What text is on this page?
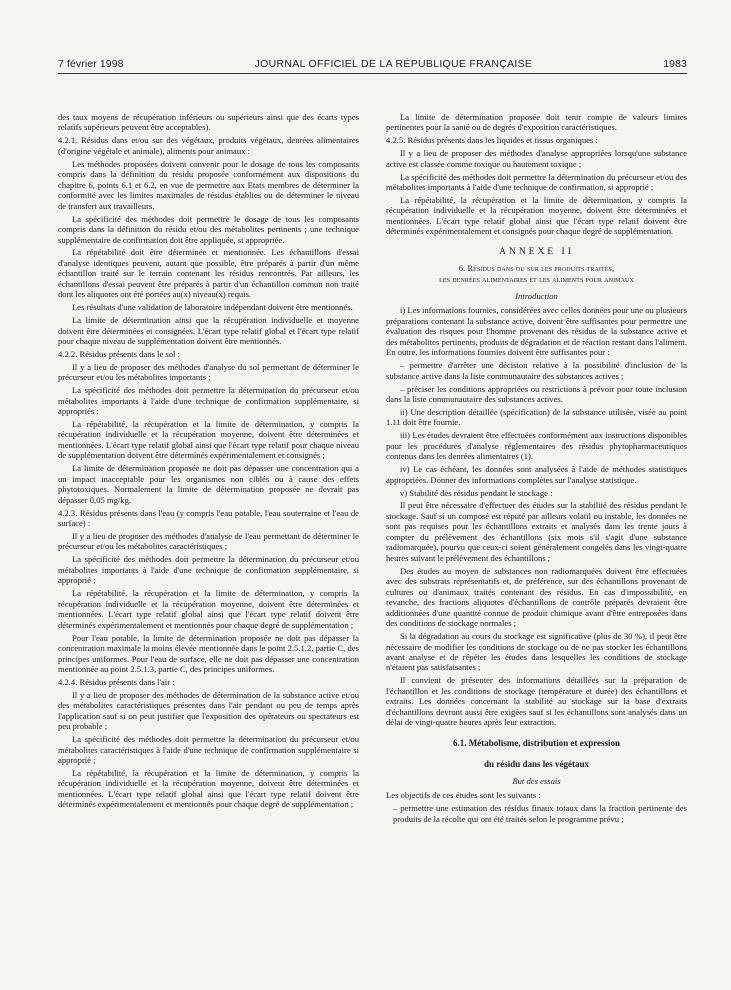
7 février 1998	JOURNAL OFFICIEL DE LA RÉPUBLIQUE FRANÇAISE	1983

des taux moyens de récupération inférieurs ou supérieurs ainsi que des écarts types relatifs supérieurs peuvent être acceptables).

4.2.1. Résidus dans et/ou sur des végétaux, produits végétaux, denrées alimentaires (d'origine végétale et animale), aliments pour animaux :

Les méthodes proposées doivent convenir pour le dosage de tous les composants compris dans la définition du résidu proposée conformément aux dispositions du chapitre 6, points 6.1 et 6.2, en vue de permettre aux Etats membres de déterminer la conformité avec les limites maximales de résidus établies ou de déterminer le niveau de transfert aux travailleurs.

La spécificité des méthodes doit permettre le dosage de tous les composants compris dans la définition du résidu et/ou des métabolites pertinents ; une technique supplémentaire de confirmation doit être appliquée, si appropriée.

La répétabilité doit être déterminée et mentionnée. Les échantillons d'essai d'analyse identiques peuvent, autant que possible, être préparés à partir d'un même échantillon traité sur le terrain contenant les résidus rencontrés. Par ailleurs, les échantillons d'essai peuvent être préparés à partir d'un échantillon commun non traité dont les aliquotes ont été portées au(x) niveau(x) requis.

Les résultats d'une validation de laboratoire indépendant doivent être mentionnés.

La limite de détermination ainsi que la récupération individuelle et moyenne doivent être déterminées et consignées. L'écart type relatif global et l'écart type relatif pour chaque niveau de supplémentation doivent être mentionnés.

4.2.2. Résidus présents dans le sol :

Il y a lieu de proposer des méthodes d'analyse du sol permettant de déterminer le précurseur et/ou les métabolites importants ;

La spécificité des méthodes doit permettre la détermination du précurseur et/ou métabolites importants à l'aide d'une technique de confirmation supplémentaire, si appropriés ;

La répétabilité, la récupération et la limite de détermination, y compris la récupération individuelle et la récupération moyenne, doivent être déterminées et mentionnées. L'écart type relatif global ainsi que l'écart type relatif pour chaque niveau de supplémentation doivent être déterminés expérimentalement et consignés ;

La limite de détermination proposée ne doit pas dépasser une concentration qui a un impact inacceptable pour les organismes non ciblés ou à cause des effets phytotoxiques. Normalement la limite de détermination proposée ne devrait pas dépasser 0,05 mg/kg.

4.2.3. Résidus présents dans l'eau (y compris l'eau potable, l'eau souterraine et l'eau de surface) :

Il y a lieu de proposer des méthodes d'analyse de l'eau permettant de déterminer le précurseur et/ou les métabolites caractéristiques ;

La spécificité des méthodes doit permettre la détermination du précurseur et/ou métabolites importants à l'aide d'une technique de confirmation supplémentaire, si approprié ;

La répétabilité, la récupération et la limite de détermination, y compris la récupération individuelle et la récupération moyenne, doivent être déterminées et mentionnées. L'écart type relatif global ainsi que l'écart type relatif doivent être déterminés expérimentalement et mentionnés pour chaque degré de supplémentation ;

Pour l'eau potable, la limite de détermination proposée ne doit pas dépasser la concentration maximale la moins élevée mentionnée dans le point 2.5.1.2, partie C, des principes uniformes. Pour l'eau de surface, elle ne doit pas dépasser une concentration mentionnée au point 2.5.1.3, partie C, des principes uniformes.

4.2.4. Résidus présents dans l'air :

Il y a lieu de proposer des méthodes de détermination de la substance active et/ou des métabolites caractéristiques présentes dans l'air pendant ou peu de temps après l'application sauf si on peut justifier que l'exposition des opérateurs ou spectateurs est peu probable ;

La spécificité des méthodes doit permettre la détermination du précurseur et/ou métabolites caractéristiques à l'aide d'une technique de confirmation supplémentaire si approprié ;

La répétabilité, la récupération et la limite de détermination, y compris la récupération individuelle et la récupération moyenne, doivent être déterminées et mentionnées. L'écart type relatif global ainsi que l'écart type relatif doivent être déterminés expérimentalement et mentionnés pour chaque degré de supplémentation ;

La limite de détermination proposée doit tenir compte de valeurs limites pertinentes pour la santé ou de degrés d'exposition caractéristiques.

4.2.5. Résidus présents dans les liquides et tissus organiques :

Il y a lieu de proposer des méthodes d'analyse appropriées lorsqu'une substance active est classée comme toxique ou hautement toxique ;

La spécificité des méthodes doit permettre la détermination du précurseur et/ou des métabolites importants à l'aide d'une technique de confirmation, si approprié ;

La répétabilité, la récupération et la limite de détermination, y compris la récupération individuelle et la récupération moyenne, doivent être déterminées et mentionnées. L'écart type relatif global ainsi que l'écart type relatif doivent être déterminés expérimentalement et consignés pour chaque degré de supplémentation.

ANNEXE II

6. Résidus dans ou sur les produits traités,

les denrées alimentaires et les aliments pour animaux

Introduction

i) Les informations fournies, considérées avec celles données pour une ou plusieurs préparations contenant la substance active, doivent être suffisantes pour permettre une évaluation des risques pour l'homme provenant des résidus de la substance active et des métabolites pertinents, produits de dégradation et de réaction restant dans l'aliment. En outre, les informations fournies doivent être suffisantes pour :

– permettre d'arrêter une décision relative à la possibilité d'inclusion de la substance active dans la liste communautaire des substances actives ;

– préciser les conditions appropriées ou restrictions à prévoir pour toute inclusion dans la liste communautaire des substances actives.

ii) Une description détaillée (spécification) de la substance utilisée, visée au point 1.11 doit être fournie.

iii) Les études devraient être effectuées conformément aux instructions disponibles pour les procédures d'analyse réglementaires des résidus phytopharmaceutiques contenus dans les denrées alimentaires (1).

iv) Le cas échéant, les données sont analysées à l'aide de méthodes statistiques appropriées. Donner des informations complètes sur l'analyse statistique.

v) Stabilité des résidus pendant le stockage :

Il peut être nécessaire d'effectuer des études sur la stabilité des résidus pendant le stockage. Sauf si un composé est réputé par ailleurs volatil ou instable, les données ne sont pas requises pour les échantillons extraits et analysés dans les trente jours à compter du prélèvement des échantillons (six mois s'il s'agit d'une substance radiomarquée), pourvu que ceux-ci soient généralement congelés dans les vingt-quatre heures suivant le prélèvement des échantillons ;

Des études au moyen de substances non radiomarquées doivent être effectuées avec des substrats représentatifs et, de préférence, sur des échantillons provenant de cultures ou d'animaux traités contenant des résidus. En cas d'impossibilité, en revanche, des fractions aliquotes d'échantillons de contrôle préparés devraient être additionnées d'une quantité connue de produit chimique avant d'être entreposées dans des conditions de stockage normales ;

Si la dégradation au cours du stockage est significative (plus de 30 %), il peut être nécessaire de modifier les conditions de stockage ou de ne pas stocker les échantillons avant analyse et de répéter les études dans lesquelles les conditions de stockage n'étaient pas satisfaisantes ;

Il convient de présenter des informations détaillées sur la préparation de l'échantillon et les conditions de stockage (température et durée) des échantillons et extraits. Les données concernant la stabilité au stockage sur la base d'extraits d'échantillons devront aussi être exigées sauf si les échantillons sont analysés dans un délai de vingt-quatre heures après leur extraction.

6.1. Métabolisme, distribution et expression

du résidu dans les végétaux

But des essais

Les objectifs de ces études sont les suivants :

– permettre une estimation des résidus finaux totaux dans la fraction pertinente des produits de la récolte qui ont été traités selon le programme prévu ;
